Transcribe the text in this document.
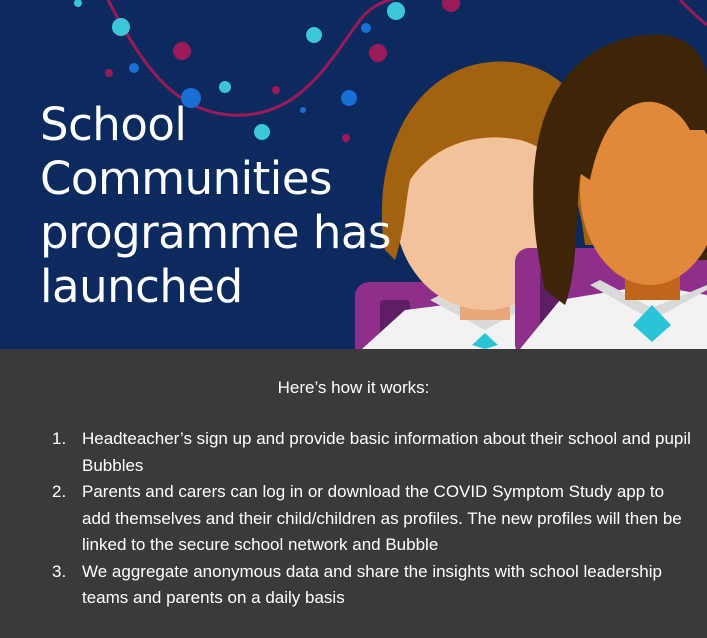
School
Communities
programme has
launched

Here’s how it works:

1. Headteacher’s sign up and provide basic information about their school and pupil Bubbles
2. Parents and carers can log in or download the COVID Symptom Study app to add themselves and their child/children as profiles. The new profiles will then be linked to the secure school network and Bubble
3. We aggregate anonymous data and share the insights with school leadership teams and parents on a daily basis
